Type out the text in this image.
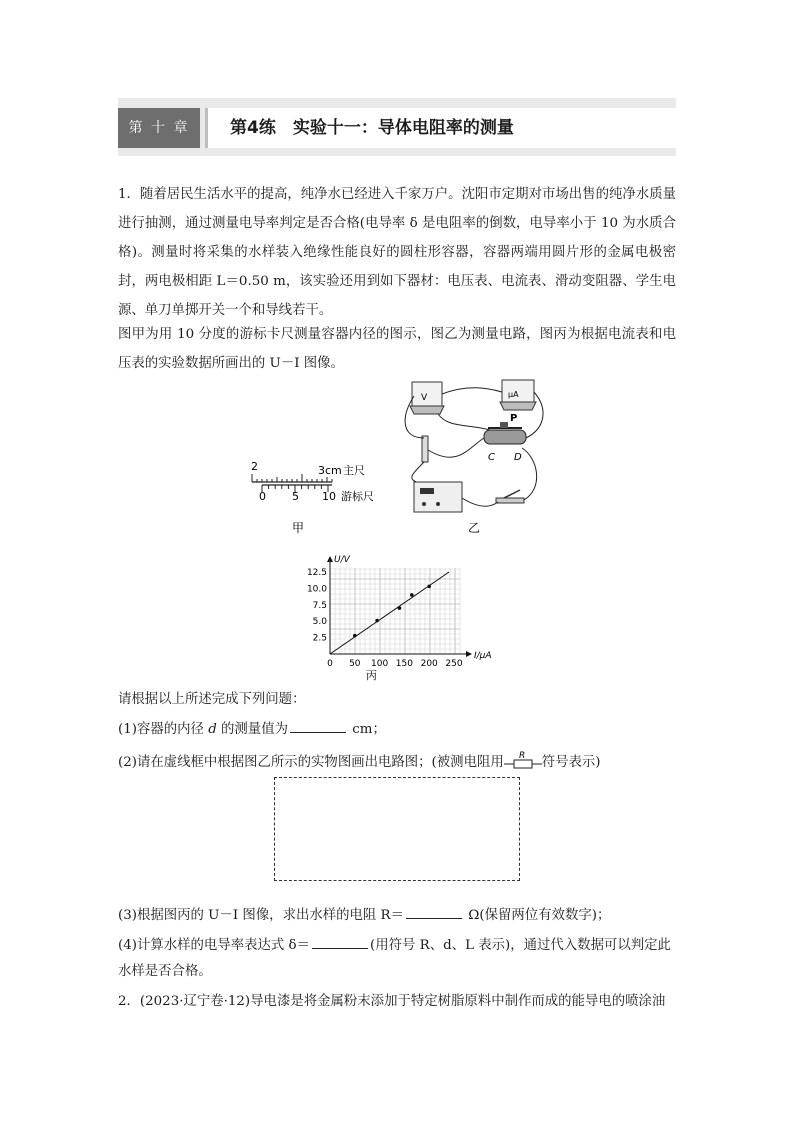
第 十 章	第4练　实验十一：导体电阻率的测量
1．随着居民生活水平的提高，纯净水已经进入千家万户。沈阳市定期对市场出售的纯净水质量进行抽测，通过测量电导率判定是否合格(电导率 δ 是电阻率的倒数，电导率小于 10 为水质合格)。测量时将采集的水样装入绝缘性能良好的圆柱形容器，容器两端用圆片形的金属电极密封，两电极相距 L＝0.50 m，该实验还用到如下器材：电压表、电流表、滑动变阻器、学生电源、单刀单掷开关一个和导线若干。
图甲为用 10 分度的游标卡尺测量容器内径的图示，图乙为测量电路，图丙为根据电流表和电压表的实验数据所画出的 U－I 图像。
2	3cm 主尺
0 5 10 游标尺
甲
V	μA
P
C D
乙
0 50 100 150 200 250
2.5
5.0
7.5
10.0
12.5
I/μA
U/V
丙
请根据以上所述完成下列问题：
(1)容器的内径 d 的测量值为	cm；
(2)请在虚线框中根据图乙所示的实物图画出电路图；(被测电阻用 R 符号表示)
(3)根据图丙的 U－I 图像，求出水样的电阻 R＝	Ω(保留两位有效数字)；
(4)计算水样的电导率表达式 δ＝	(用符号 R、d、L 表示)，通过代入数据可以判定此
水样是否合格。
2．(2023·辽宁卷·12)导电漆是将金属粉末添加于特定树脂原料中制作而成的能导电的喷涂油
